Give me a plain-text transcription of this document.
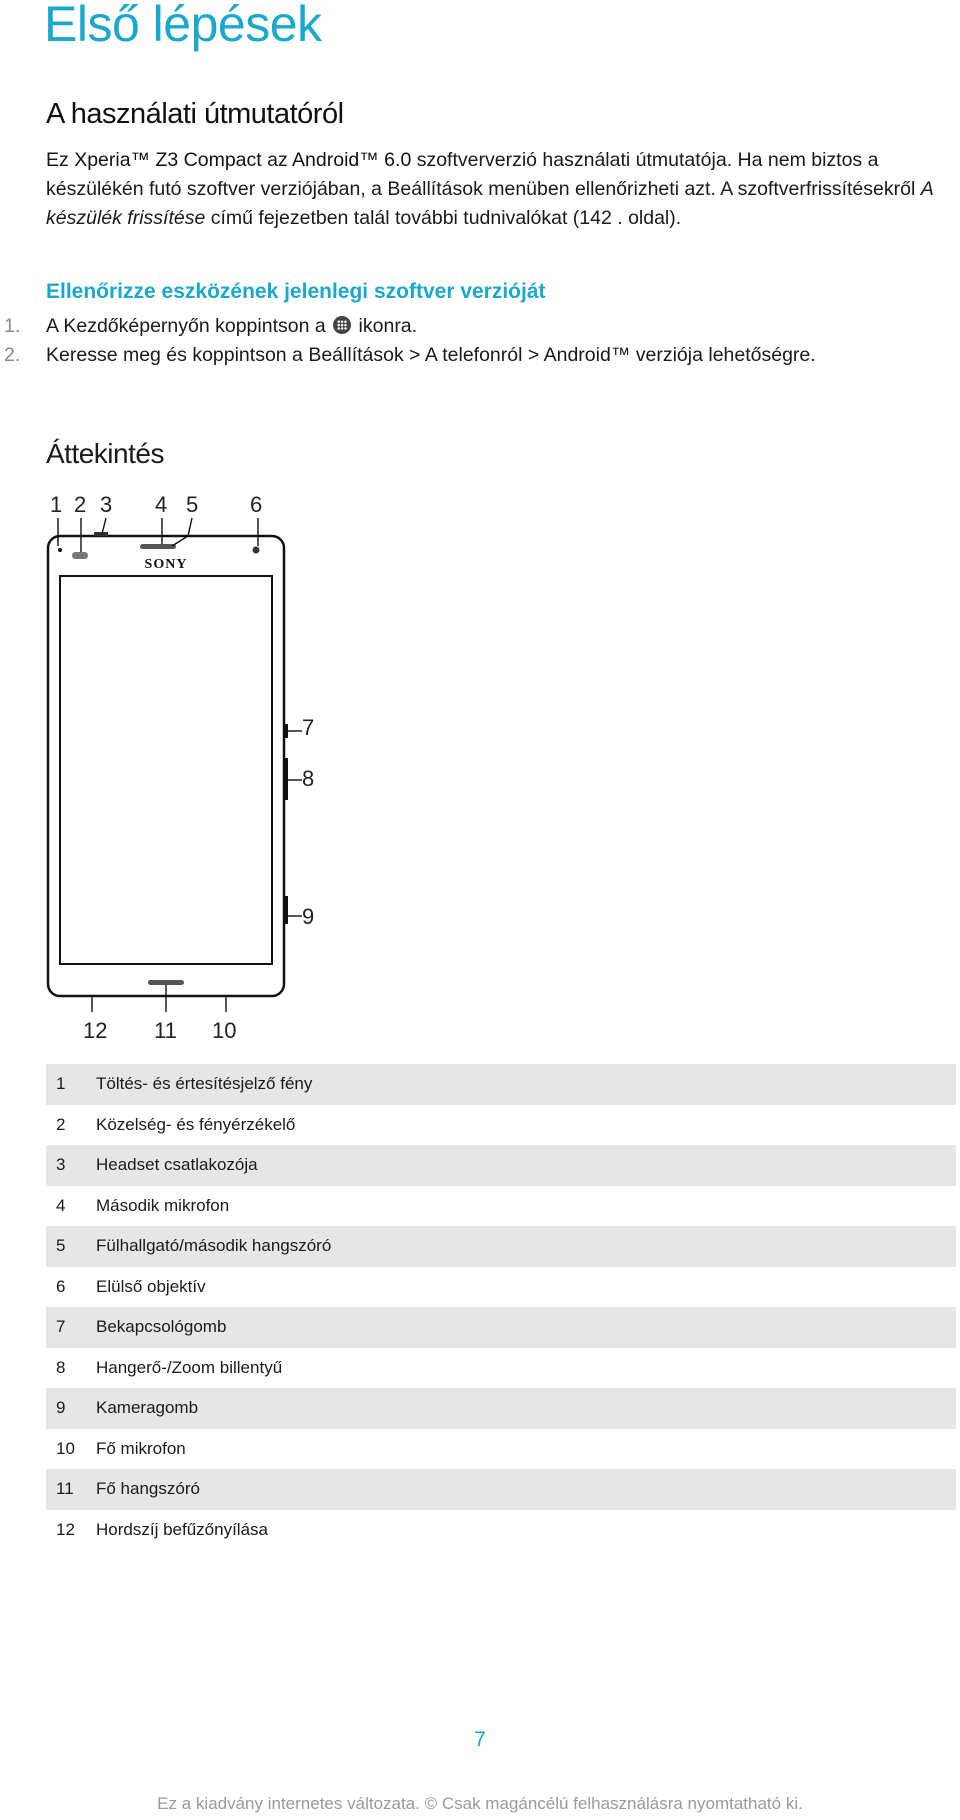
Első lépések
A használati útmutatóról

Ez Xperia™ Z3 Compact az Android™ 6.0 szoftververzió használati útmutatója. Ha nem biztos a készülékén futó szoftver verziójában, a Beállítások menüben ellenőrizheti azt. A szoftverfrissítésekről A készülék frissítése című fejezetben talál további tudnivalókat (142 . oldal).

Ellenőrizze eszközének jelenlegi szoftver verzióját
1. A Kezdőképernyőn koppintson a  ikonra.
2. Keresse meg és koppintson a Beállítások > A telefonról > Android™ verziója lehetőségre.
Áttekintés
1 2 3 4 5 6
7
8
9
12 11 10
SONY
1	Töltés- és értesítésjelző fény
2	Közelség- és fényérzékelő
3	Headset csatlakozója
4	Második mikrofon
5	Fülhallgató/második hangszóró
6	Elülső objektív
7	Bekapcsológomb
8	Hangerő-/Zoom billentyű
9	Kameragomb
10	Fő mikrofon
11	Fő hangszóró
12	Hordszíj befűzőnyílása
7
Ez a kiadvány internetes változata. © Csak magáncélú felhasználásra nyomtatható ki.
